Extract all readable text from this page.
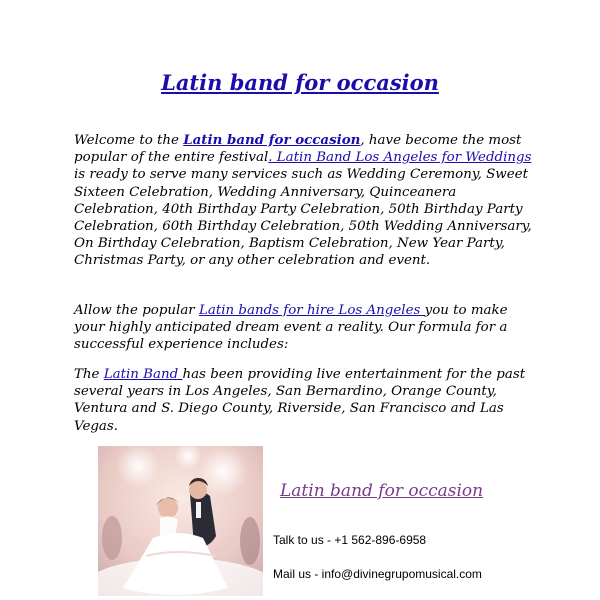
Latin band for occasion

Welcome to the Latin band for occasion, have become the most popular of the entire festival. Latin Band Los Angeles for Weddings is ready to serve many services such as Wedding Ceremony, Sweet Sixteen Celebration, Wedding Anniversary, Quinceanera Celebration, 40th Birthday Party Celebration, 50th Birthday Party Celebration, 60th Birthday Celebration, 50th Wedding Anniversary, On Birthday Celebration, Baptism Celebration, New Year Party, Christmas Party, or any other celebration and event.

Allow the popular Latin bands for hire Los Angeles you to make your highly anticipated dream event a reality. Our formula for a successful experience includes:

The Latin Band has been providing live entertainment for the past several years in Los Angeles, San Bernardino, Orange County, Ventura and S. Diego County, Riverside, San Francisco and Las Vegas.

Latin band for occasion
Talk to us - +1 562-896-6958
Mail us - info@divinegrupomusical.com
